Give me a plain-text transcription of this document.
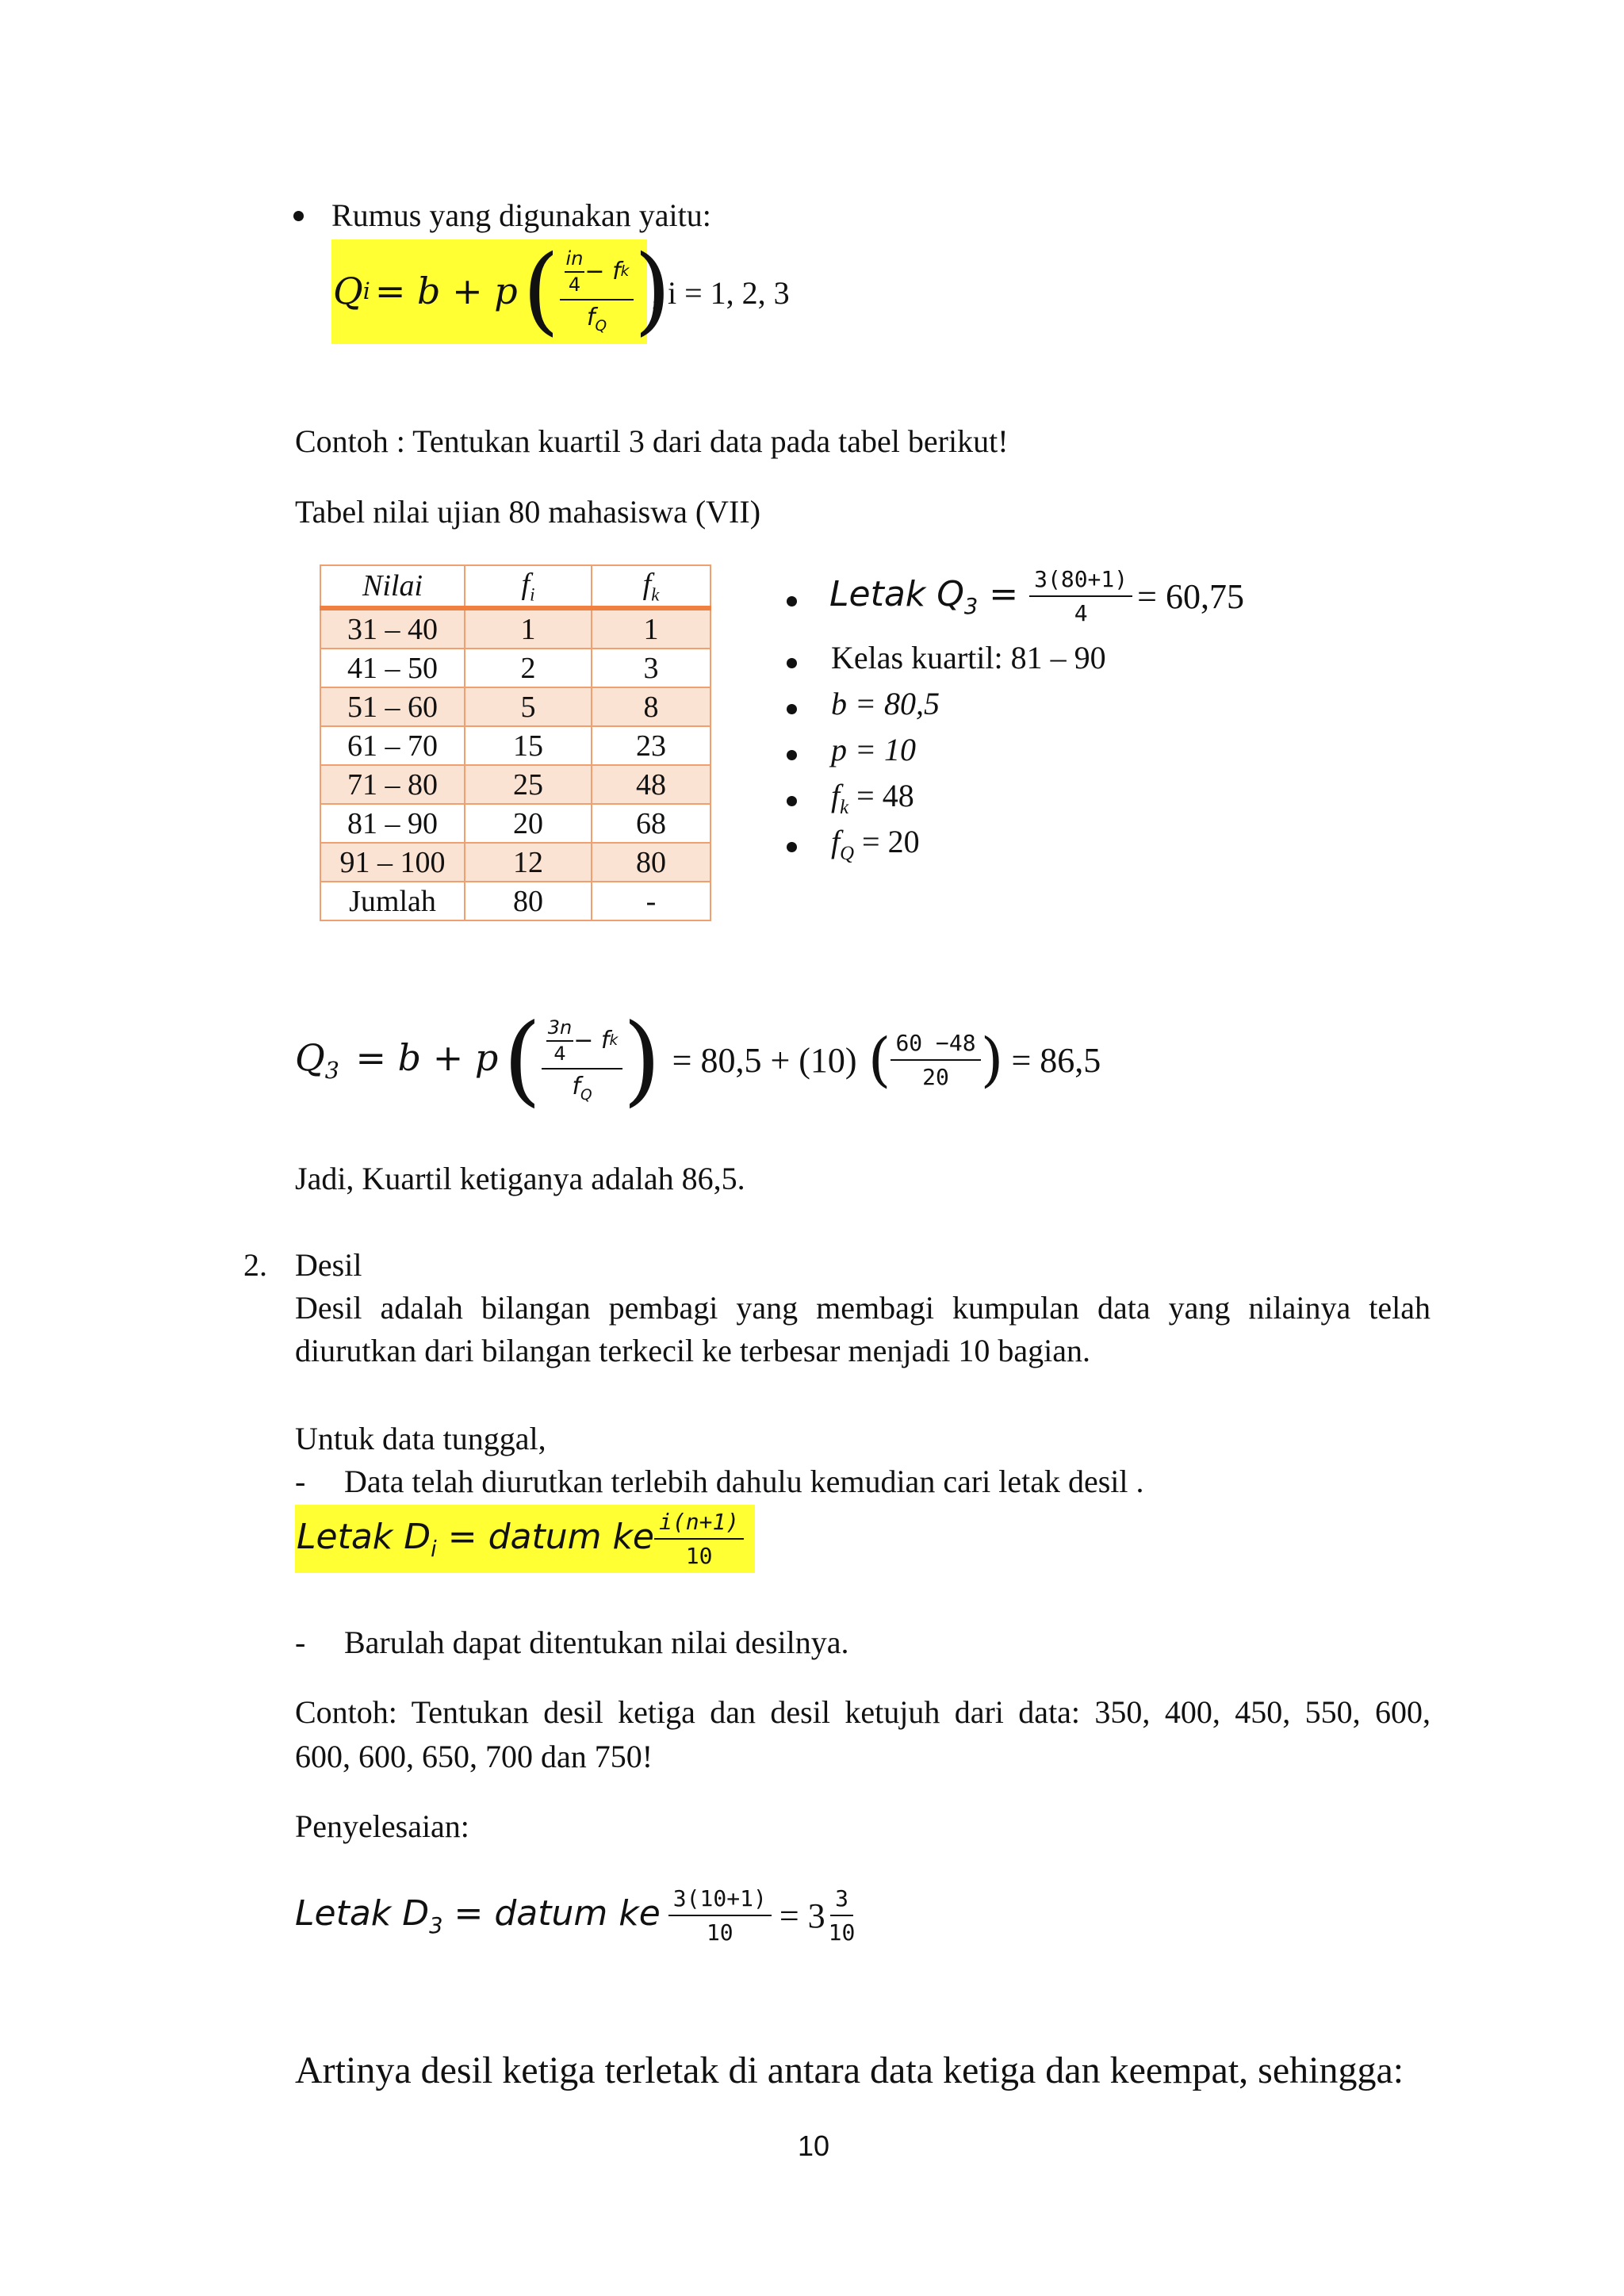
Rumus yang digunakan yaitu:
Q i = b + p ( $\frac{\frac{in}{4} - f k}{f_Q}$ )
, i = 1, 2, 3
Contoh : Tentukan kuartil 3 dari data pada tabel berikut!
Tabel nilai ujian 80 mahasiswa (VII)
Nilai	$f_i$	$f_k$
31 – 40	1	1
41 – 50	2	3
51 – 60	5	8
61 – 70	15	23
71 – 80	25	48
81 – 90	20	68
91 – 100	12	80
Jumlah	80	-
Letak $Q_3 = \frac{3(80+1)}{4} = 60,75$
Kelas kuartil: 81 – 90
b = 80,5
p = 10
$f_k = 48$
$f_Q = 20$
$Q_3 = b + p$ ( $\frac{\frac{3n}{4} - f k}{f_Q}$ ) = 80,5 + (10) ( $\frac{60 -48}{20}$ ) = 86,5
Jadi, Kuartil ketiganya adalah 86,5.
2. Desil
Desil adalah bilangan pembagi yang membagi kumpulan data yang nilainya telah
diurutkan dari bilangan terkecil ke terbesar menjadi 10 bagian.
Untuk data tunggal,
- Data telah diurutkan terlebih dahulu kemudian cari letak desil .
Letak $D_i$ = datum ke $\frac{i(n+1)}{10}$
- Barulah dapat ditentukan nilai desilnya.
Contoh: Tentukan desil ketiga dan desil ketujuh dari data: 350, 400, 450, 550, 600,
600, 600, 650, 700 dan 750!
Penyelesaian:
Letak $D_3$ = datum ke $\frac{3(10+1)}{10} = 3 \frac{3}{10}$
Artinya desil ketiga terletak di antara data ketiga dan keempat, sehingga:
10
